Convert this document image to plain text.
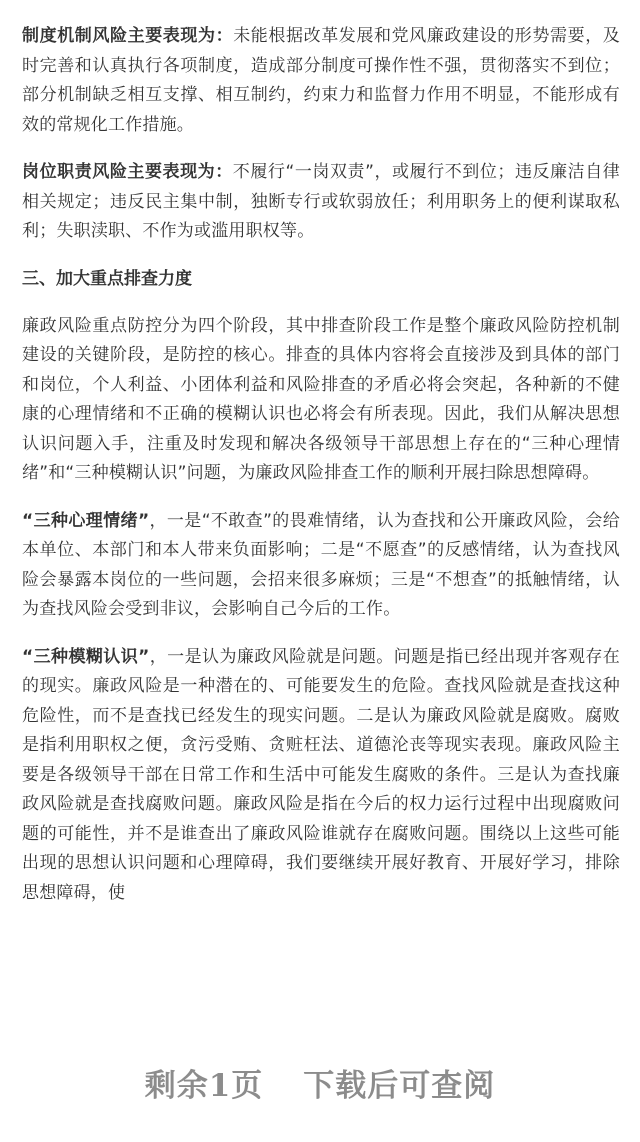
制度机制风险主要表现为：未能根据改革发展和党风廉政建设的形势需要，及时完善和认真执行各项制度，造成部分制度可操作性不强，贯彻落实不到位；部分机制缺乏相互支撑、相互制约，约束力和监督力作用不明显，不能形成有效的常规化工作措施。

岗位职责风险主要表现为：不履行“一岗双责”，或履行不到位；违反廉洁自律相关规定；违反民主集中制，独断专行或软弱放任；利用职务上的便利谋取私利；失职渎职、不作为或滥用职权等。

三、加大重点排查力度

廉政风险重点防控分为四个阶段，其中排查阶段工作是整个廉政风险防控机制建设的关键阶段，是防控的核心。排查的具体内容将会直接涉及到具体的部门和岗位，个人利益、小团体利益和风险排查的矛盾必将会突起，各种新的不健康的心理情绪和不正确的模糊认识也必将会有所表现。因此，我们从解决思想认识问题入手，注重及时发现和解决各级领导干部思想上存在的“三种心理情绪”和“三种模糊认识”问题，为廉政风险排查工作的顺利开展扫除思想障碍。

“三种心理情绪”，一是“不敢查”的畏难情绪，认为查找和公开廉政风险，会给本单位、本部门和本人带来负面影响；二是“不愿查”的反感情绪，认为查找风险会暴露本岗位的一些问题，会招来很多麻烦；三是“不想查”的抵触情绪，认为查找风险会受到非议，会影响自己今后的工作。

“三种模糊认识”，一是认为廉政风险就是问题。问题是指已经出现并客观存在的现实。廉政风险是一种潜在的、可能要发生的危险。查找风险就是查找这种危险性，而不是查找已经发生的现实问题。二是认为廉政风险就是腐败。腐败是指利用职权之便，贪污受贿、贪赃枉法、道德沦丧等现实表现。廉政风险主要是各级领导干部在日常工作和生活中可能发生腐败的条件。三是认为查找廉政风险就是查找腐败问题。廉政风险是指在今后的权力运行过程中出现腐败问题的可能性，并不是谁查出了廉政风险谁就存在腐败问题。围绕以上这些可能出现的思想认识问题和心理障碍，我们要继续开展好教育、开展好学习，排除思想障碍，使

剩余1页 下载后可查阅
